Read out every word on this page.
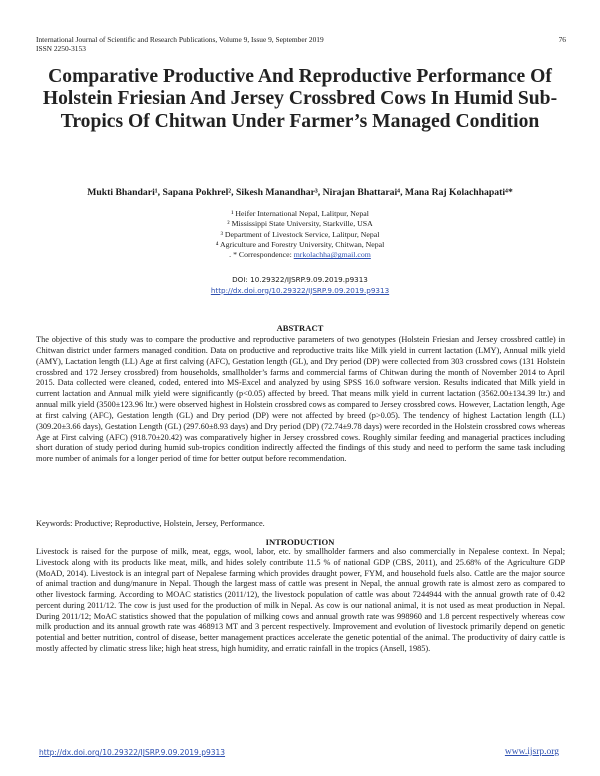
International Journal of Scientific and Research Publications, Volume 9, Issue 9, September 2019
ISSN 2250-3153
76
Comparative Productive And Reproductive Performance Of Holstein Friesian And Jersey Crossbred Cows In Humid Sub-Tropics Of Chitwan Under Farmer’s Managed Condition
Mukti Bhandari¹, Sapana Pokhrel², Sikesh Manandhar³, Nirajan Bhattarai⁴, Mana Raj Kolachhapati⁴*
¹ Heifer International Nepal, Lalitpur, Nepal
² Mississippi State University, Starkville, USA
³ Department of Livestock Service, Lalitpur, Nepal
⁴ Agriculture and Forestry University, Chitwan, Nepal
. * Correspondence: mrkolachha@gmail.com
DOI: 10.29322/IJSRP.9.09.2019.p9313
http://dx.doi.org/10.29322/IJSRP.9.09.2019.p9313
ABSTRACT

The objective of this study was to compare the productive and reproductive parameters of two genotypes (Holstein Friesian and Jersey crossbred cattle) in Chitwan district under farmers managed condition. Data on productive and reproductive traits like Milk yield in current lactation (LMY), Annual milk yield (AMY), Lactation length (LL) Age at first calving (AFC), Gestation length (GL), and Dry period (DP) were collected from 303 crossbred cows (131 Holstein crossbred and 172 Jersey crossbred) from households, smallholder’s farms and commercial farms of Chitwan during the month of November 2014 to April 2015. Data collected were cleaned, coded, entered into MS-Excel and analyzed by using SPSS 16.0 software version. Results indicated that Milk yield in current lactation and Annual milk yield were significantly (p<0.05) affected by breed. That means milk yield in current lactation (3562.00±134.39 ltr.) and annual milk yield (3500±123.96 ltr.) were observed highest in Holstein crossbred cows as compared to Jersey crossbred cows. However, Lactation length, Age at first calving (AFC), Gestation length (GL) and Dry period (DP) were not affected by breed (p>0.05). The tendency of highest Lactation length (LL) (309.20±3.66 days), Gestation Length (GL) (297.60±8.93 days) and Dry period (DP) (72.74±9.78 days) were recorded in the Holstein crossbred cows whereas Age at First calving (AFC) (918.70±20.42) was comparatively higher in Jersey crossbred cows. Roughly similar feeding and managerial practices including short duration of study period during humid sub-tropics condition indirectly affected the findings of this study and need to perform the same task including more number of animals for a longer period of time for better output before recommendation.

Keywords: Productive; Reproductive, Holstein, Jersey, Performance.
INTRODUCTION

Livestock is raised for the purpose of milk, meat, eggs, wool, labor, etc. by smallholder farmers and also commercially in Nepalese context. In Nepal; Livestock along with its products like meat, milk, and hides solely contribute 11.5 % of national GDP (CBS, 2011), and 25.68% of the Agriculture GDP (MoAD, 2014). Livestock is an integral part of Nepalese farming which provides draught power, FYM, and household fuels also. Cattle are the major source of animal traction and dung/manure in Nepal. Though the largest mass of cattle was present in Nepal, the annual growth rate is almost zero as compared to other livestock farming. According to MOAC statistics (2011/12), the livestock population of cattle was about 7244944 with the annual growth rate of 0.42 percent during 2011/12. The cow is just used for the production of milk in Nepal. As cow is our national animal, it is not used as meat production in Nepal. During 2011/12; MoAC statistics showed that the population of milking cows and annual growth rate was 998960 and 1.8 percent respectively whereas cow milk production and its annual growth rate was 468913 MT and 3 percent respectively. Improvement and evolution of livestock primarily depend on genetic potential and better nutrition, control of disease, better management practices accelerate the genetic potential of the animal. The productivity of dairy cattle is mostly affected by climatic stress like; high heat stress, high humidity, and erratic rainfall in the tropics (Ansell, 1985).

http://dx.doi.org/10.29322/IJSRP.9.09.2019.p9313	www.ijsrp.org
